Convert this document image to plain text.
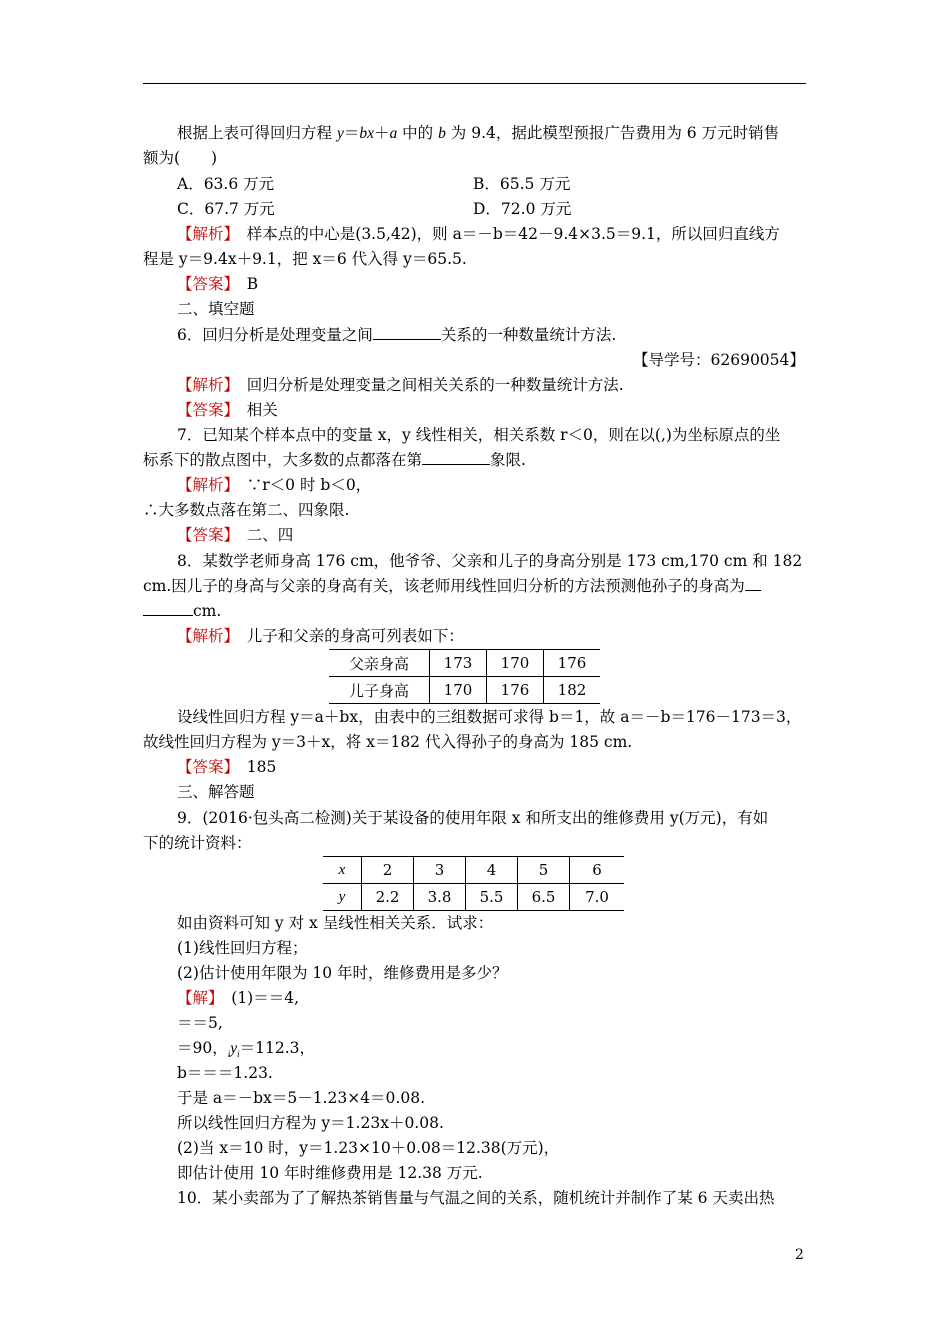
根据上表可得回归方程 y＝bx＋a 中的 b 为 9.4，据此模型预报广告费用为 6 万元时销售
额为(　　)
A．63.6 万元	B．65.5 万元
C．67.7 万元	D．72.0 万元
【解析】　样本点的中心是(3.5,42)，则 a＝－b＝42－9.4×3.5＝9.1，所以回归直线方
程是 y＝9.4x＋9.1，把 x＝6 代入得 y＝65.5.
【答案】　B
二、填空题
6．回归分析是处理变量之间	关系的一种数量统计方法.
【导学号：62690054】
【解析】　回归分析是处理变量之间相关关系的一种数量统计方法.
【答案】　相关
7．已知某个样本点中的变量 x，y 线性相关，相关系数 r＜0，则在以(,)为坐标原点的坐
标系下的散点图中，大多数的点都落在第	象限.
【解析】　∵r＜0 时 b＜0，
∴大多数点落在第二、四象限.
【答案】　二、四
8．某数学老师身高 176 cm，他爷爷、父亲和儿子的身高分别是 173 cm,170 cm 和 182
cm.因儿子的身高与父亲的身高有关，该老师用线性回归分析的方法预测他孙子的身高为
cm.
【解析】　儿子和父亲的身高可列表如下：
父亲身高	173	170	176
儿子身高	170	176	182
设线性回归方程 y＝a＋bx，由表中的三组数据可求得 b＝1，故 a＝－b＝176－173＝3，
故线性回归方程为 y＝3＋x，将 x＝182 代入得孙子的身高为 185 cm.
【答案】　185
三、解答题
9．(2016·包头高二检测)关于某设备的使用年限 x 和所支出的维修费用 y(万元)，有如
下的统计资料：
x	2	3	4	5	6
y	2.2	3.8	5.5	6.5	7.0
如由资料可知 y 对 x 呈线性相关关系．试求：
(1)线性回归方程；
(2)估计使用年限为 10 年时，维修费用是多少？
【解】　(1)＝＝4,
＝＝5,
＝90，$_iy_i=112.3$，
b＝＝＝1.23.
于是 a＝－bx＝5－1.23×4＝0.08.
所以线性回归方程为 y＝1.23x＋0.08.
(2)当 x＝10 时，y＝1.23×10＋0.08＝12.38(万元)，
即估计使用 10 年时维修费用是 12.38 万元.
10．某小卖部为了了解热茶销售量与气温之间的关系，随机统计并制作了某 6 天卖出热
2
